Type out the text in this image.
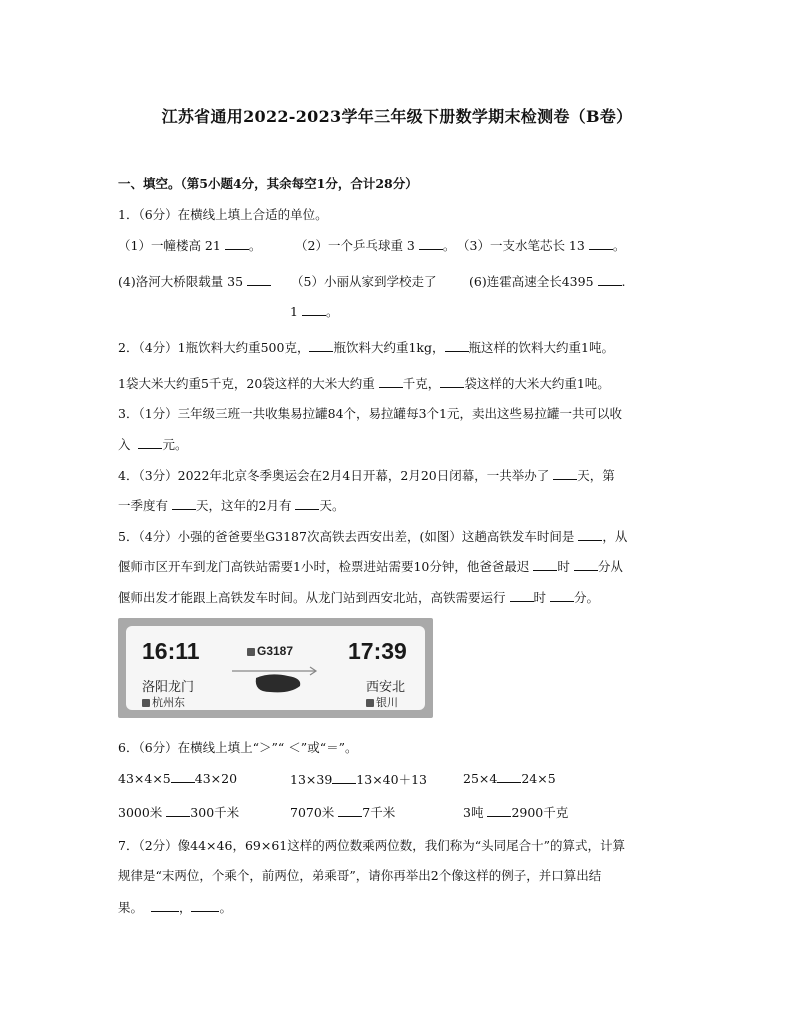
江苏省通用2022-2023学年三年级下册数学期末检测卷（B卷）
一、填空。（第5小题4分，其余每空1分，合计28分）
1．（6分）在横线上填上合适的单位。
（1）一幢楼高 21 。	（2）一个乒乓球重 3 。 （3）一支水笔芯长 13 。
(4)洛河大桥限载量 35	（5）小丽从家到学校走了	(6)连霍高速全长4395 .
1 。
2．（4分）1瓶饮料大约重500克， 瓶饮料大约重1kg， 瓶这样的饮料大约重1吨。
1袋大米大约重5千克，20袋这样的大米大约重 千克， 袋这样的大米大约重1吨。
3．（1分）三年级三班一共收集易拉罐84个，易拉罐每3个1元，卖出这些易拉罐一共可以收
入	元。
4．（3分）2022年北京冬季奥运会在2月4日开幕，2月20日闭幕，一共举办了 天，第
一季度有 天，这年的2月有 天。
5．（4分）小强的爸爸要坐G3187次高铁去西安出差，(如图）这趟高铁发车时间是 ，从
偃师市区开车到龙门高铁站需要1小时，检票进站需要10分钟，他爸爸最迟 时 分从
偃师出发才能跟上高铁发车时间。从龙门站到西安北站，高铁需要运行 时 分。
16:11	17:39
G3187
洛阳龙门	西安北
杭州东	银川
6．（6分）在横线上填上“＞”“ ＜”或“＝”。
43×4×5 43×20	13×39 13×40＋13	25×4 24×5
3000米 300千米	7070米 7千米	3吨 2900千克
7．（2分）像44×46，69×61这样的两位数乘两位数，我们称为“头同尾合十”的算式，计算
规律是“末两位，个乘个，前两位，弟乘哥”，请你再举出2个像这样的例子，并口算出结
果。	， 。
